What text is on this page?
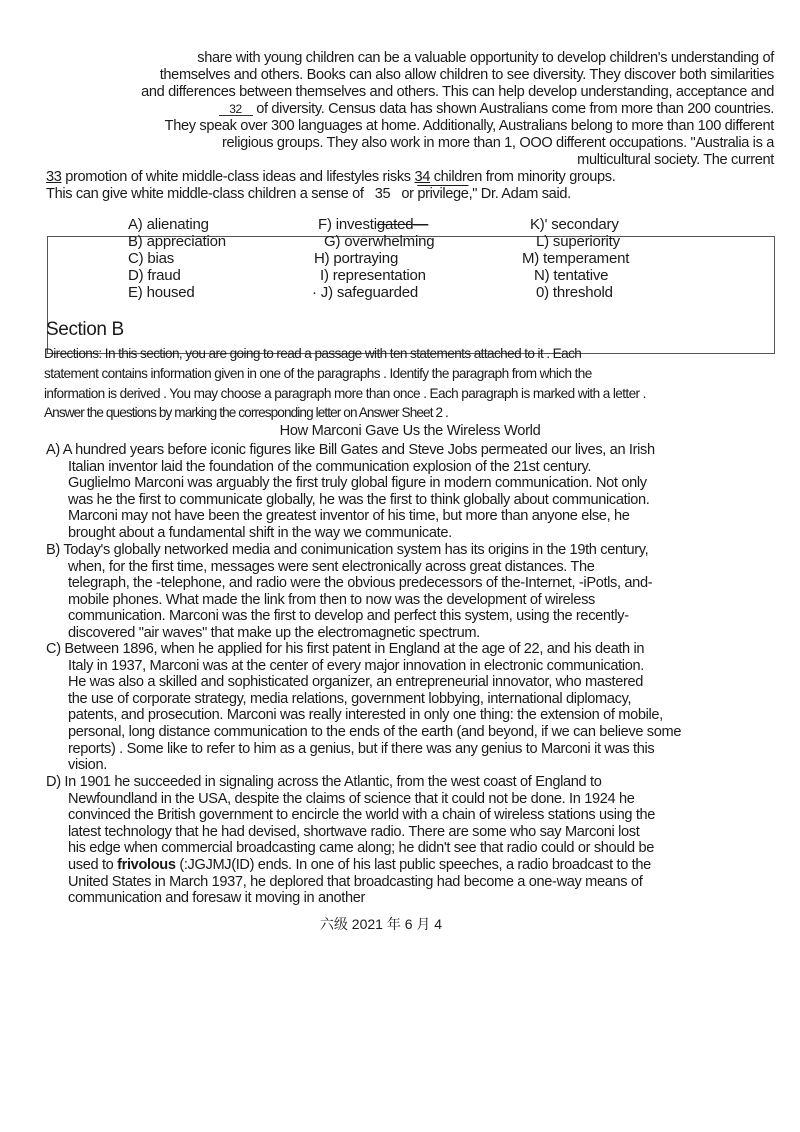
share with young children can be a valuable opportunity to develop children's understanding of
themselves and others. Books can also allow children to see diversity. They discover both similarities
and differences between themselves and others. This can help develop understanding, acceptance and
32 of diversity. Census data has shown Australians come from more than 200 countries.
They speak over 300 languages at home. Additionally, Australians belong to more than 100 different
religious groups. They also work in more than 1, OOO different occupations. "Australia is a
multicultural society. The current
33 promotion of white middle-class ideas and lifestyles risks 34 children from minority groups.
This can give white middle-class children a sense of   35   or privilege," Dr. Adam said.
A) alienating
B) appreciation
C) bias
D) fraud
E) housed
F) investigated—
G) overwhelming
H) portraying
I) representation
· J) safeguarded
K)' secondary
L) superiority
M) temperament
N) tentative
0) threshold
Section B
Directions: In this section, you are going to read a passage with ten statements attached to it . Each
statement contains information given in one of the paragraphs . Identify the paragraph from which the
information is derived . You may choose a paragraph more than once . Each paragraph is marked with a letter .
Answer the questions by marking the corresponding letter on Answer Sheet 2 .
How Marconi Gave Us the Wireless World
A) A hundred years before iconic figures like Bill Gates and Steve Jobs permeated our lives, an Irish
Italian inventor laid the foundation of the communication explosion of the 21st century.
Guglielmo Marconi was arguably the first truly global figure in modern communication. Not only
was he the first to communicate globally, he was the first to think globally about communication.
Marconi may not have been the greatest inventor of his time, but more than anyone else, he
brought about a fundamental shift in the way we communicate.
B) Today's globally networked media and conimunication system has its origins in the 19th century,
when, for the first time, messages were sent electronically across great distances. The
telegraph, the -telephone, and radio were the obvious predecessors of the-Internet, -iPotls, and-
mobile phones. What made the link from then to now was the development of wireless
communication. Marconi was the first to develop and perfect this system, using the recently-
discovered "air waves" that make up the electromagnetic spectrum.
C) Between 1896, when he applied for his first patent in England at the age of 22, and his death in
Italy in 1937, Marconi was at the center of every major innovation in electronic communication.
He was also a skilled and sophisticated organizer, an entrepreneurial innovator, who mastered
the use of corporate strategy, media relations, government lobbying, international diplomacy,
patents, and prosecution. Marconi was really interested in only one thing: the extension of mobile,
personal, long distance communication to the ends of the earth (and beyond, if we can believe some
reports) . Some like to refer to him as a genius, but if there was any genius to Marconi it was this
vision.
D) In 1901 he succeeded in signaling across the Atlantic, from the west coast of England to
Newfoundland in the USA, despite the claims of science that it could not be done. In 1924 he
convinced the British government to encircle the world with a chain of wireless stations using the
latest technology that he had devised, shortwave radio. There are some who say Marconi lost
his edge when commercial broadcasting came along; he didn't see that radio could or should be
used to frivolous (:JGJMJ(ID) ends. In one of his last public speeches, a radio broadcast to the
United States in March 1937, he deplored that broadcasting had become a one-way means of
communication and foresaw it moving in another
六级 2021 年 6 月 4
